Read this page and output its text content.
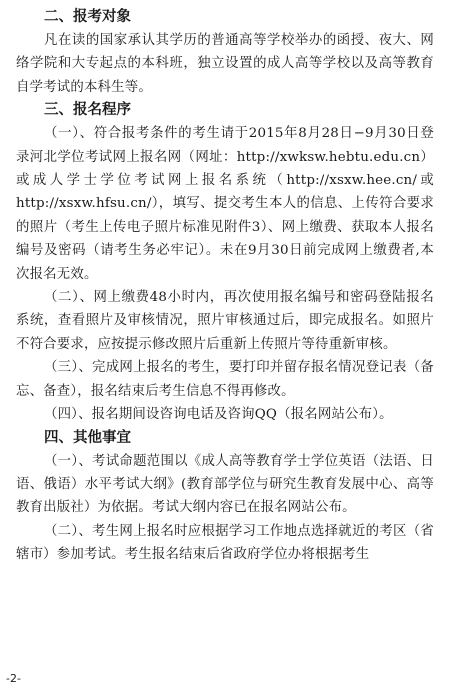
二、报考对象

凡在读的国家承认其学历的普通高等学校举办的函授、夜大、网络学院和大专起点的本科班，独立设置的成人高等学校以及高等教育自学考试的本科生等。

三、报名程序

（一）、符合报考条件的考生请于2015年8月28日−9月30日登录河北学位考试网上报名网（网址：http://xwksw.hebtu.edu.cn）或成人学士学位考试网上报名系统（http://xsxw.hee.cn/或http://xsxw.hfsu.cn/），填写、提交考生本人的信息、上传符合要求的照片（考生上传电子照片标准见附件3）、网上缴费、获取本人报名编号及密码（请考生务必牢记）。未在9月30日前完成网上缴费者,本次报名无效。

（二）、网上缴费48小时内，再次使用报名编号和密码登陆报名系统，查看照片及审核情况，照片审核通过后，即完成报名。如照片不符合要求，应按提示修改照片后重新上传照片等待重新审核。

（三）、完成网上报名的考生，要打印并留存报名情况登记表（备忘、备查），报名结束后考生信息不得再修改。

（四）、报名期间设咨询电话及咨询QQ（报名网站公布）。

四、其他事宜

（一）、考试命题范围以《成人高等教育学士学位英语（法语、日语、俄语）水平考试大纲》(教育部学位与研究生教育发展中心、高等教育出版社）为依据。考试大纲内容已在报名网站公布。

（二）、考生网上报名时应根据学习工作地点选择就近的考区（省辖市）参加考试。考生报名结束后省政府学位办将根据考生

-2-
